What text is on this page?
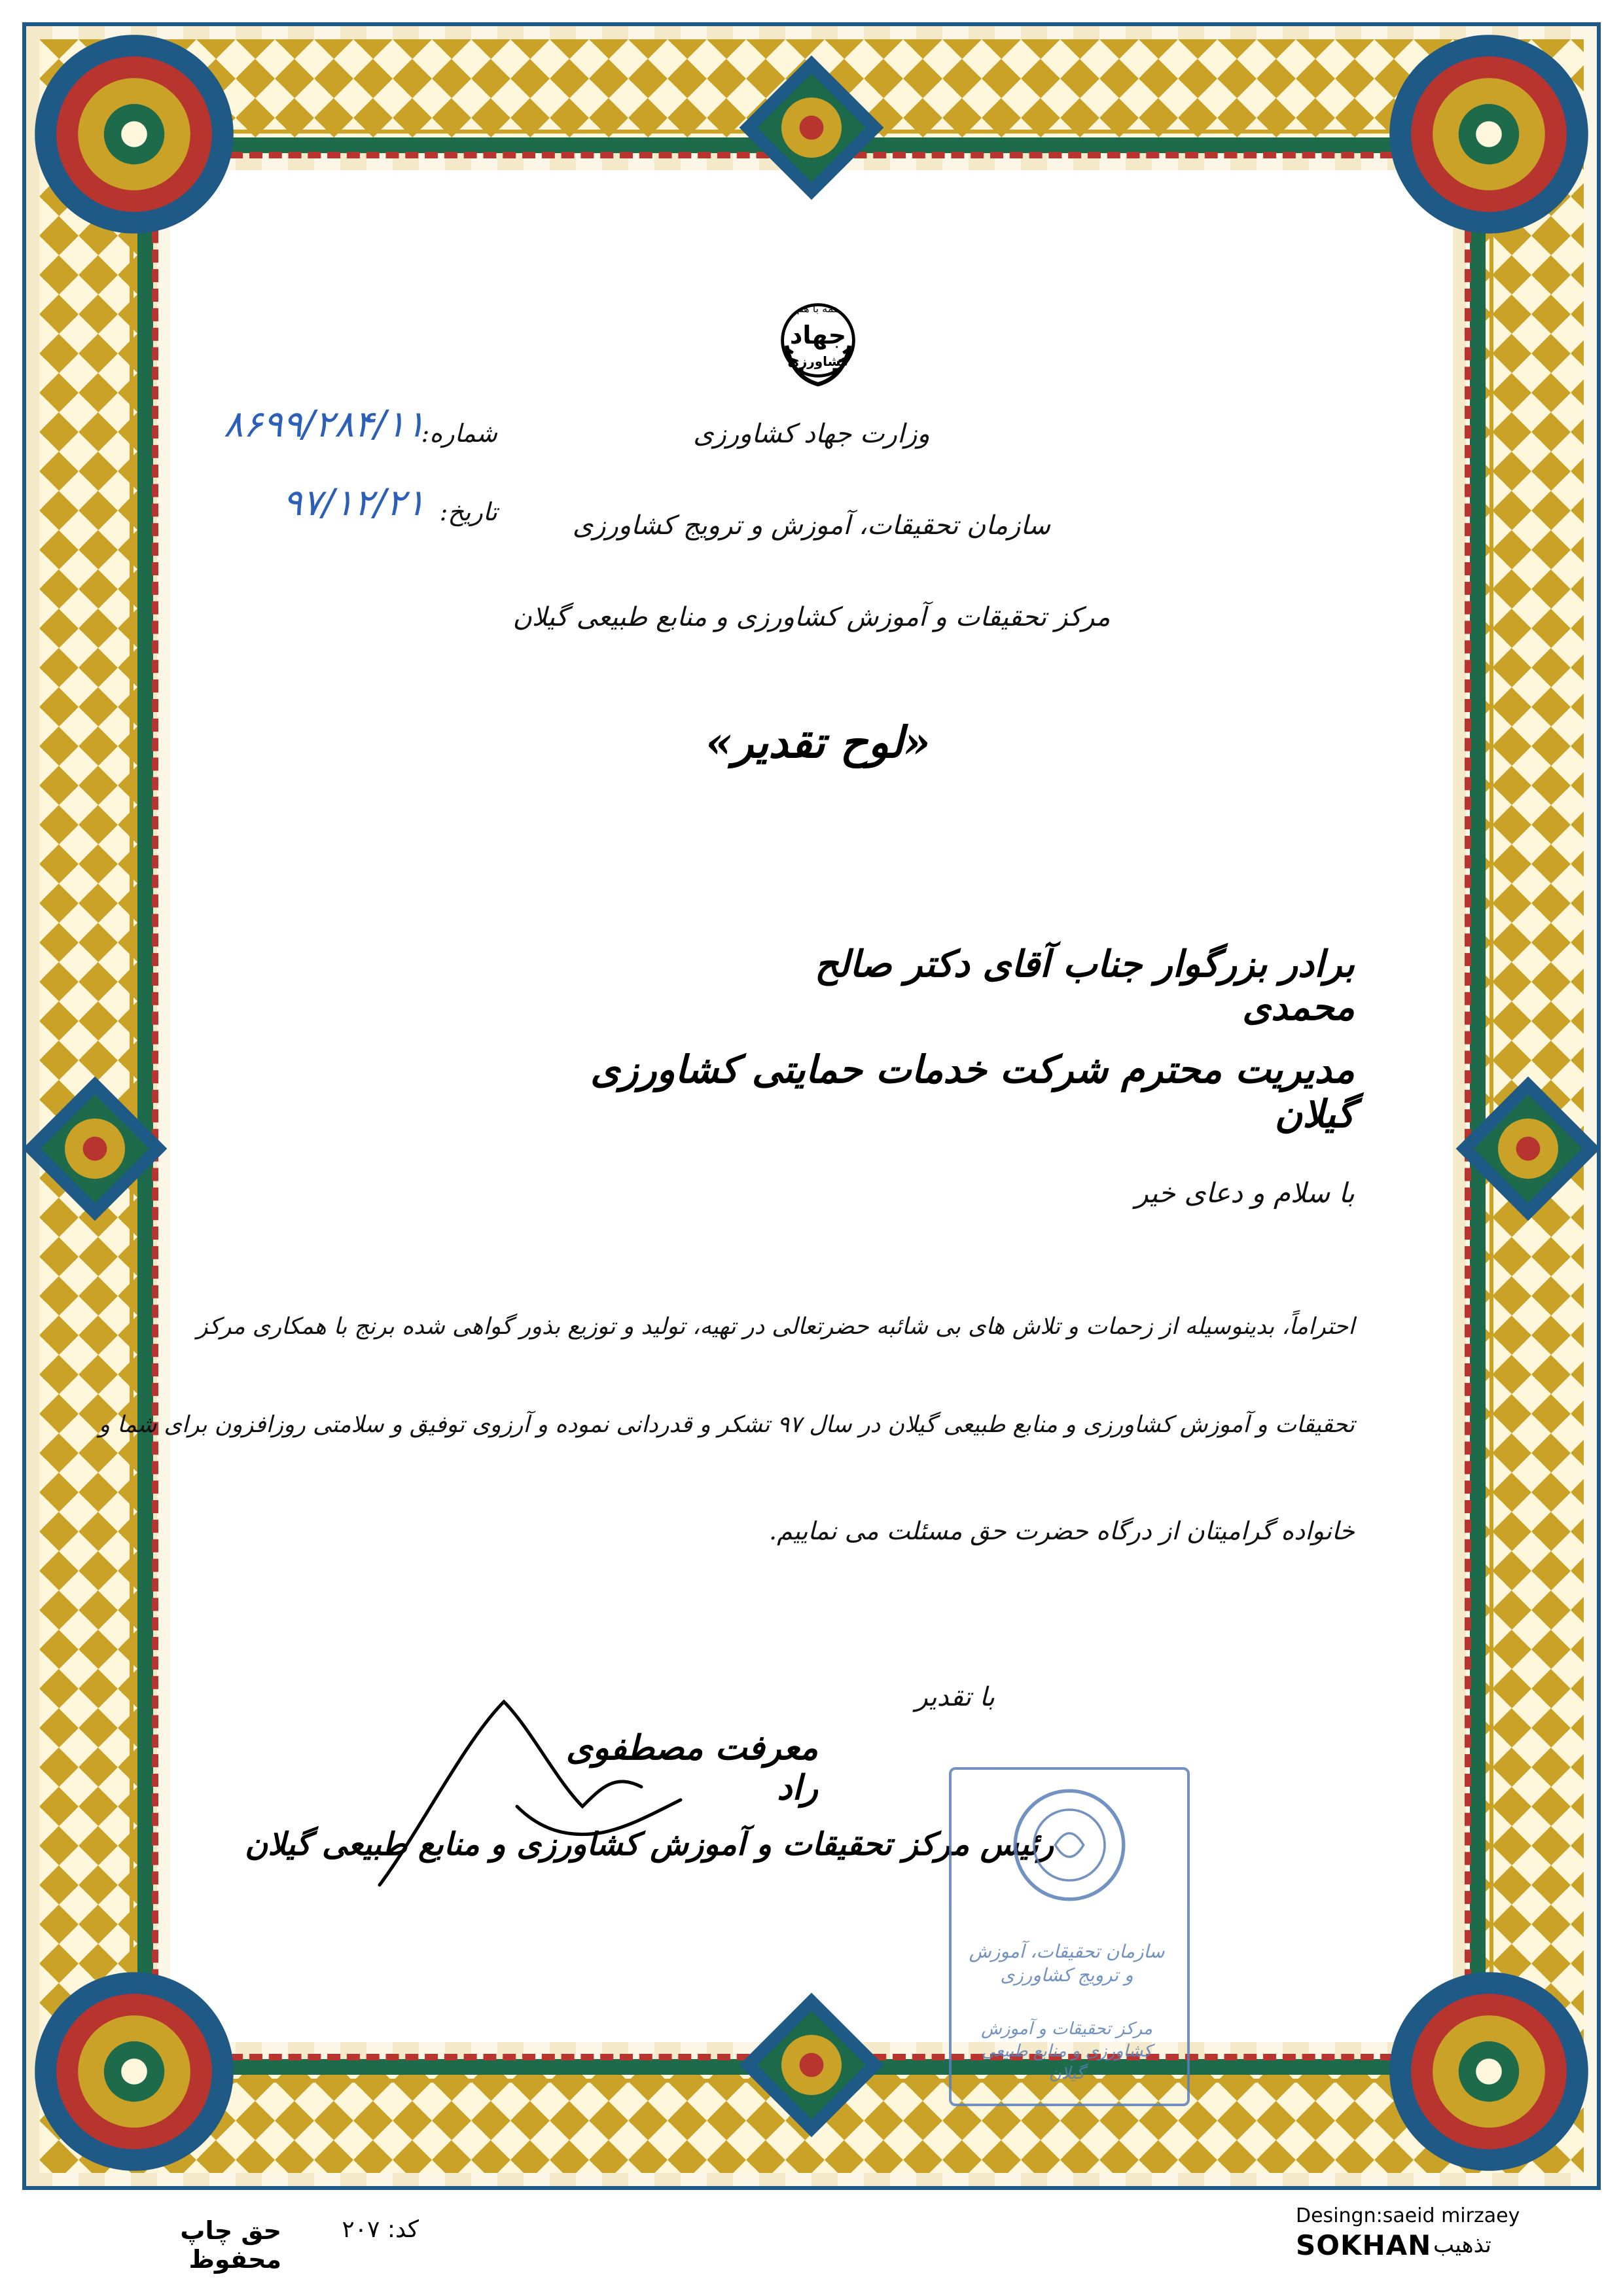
همه با هم
جهاد
کشاورزی
وزارت جهاد کشاورزی
سازمان تحقیقات، آموزش و ترویج کشاورزی
مرکز تحقیقات و آموزش کشاورزی و منابع طبیعی گیلان
شماره:
۸۶۹۹/۲۸۴/۱۱
تاریخ:
۹۷/۱۲/۲۱
«لوح تقدیر»
برادر بزرگوار جناب آقای دکتر صالح محمدی
مدیریت محترم شرکت خدمات حمایتی کشاورزی گیلان
با سلام و دعای خیر
احتراماً، بدینوسیله از زحمات و تلاش های بی شائبه حضرتعالی در تهیه، تولید و توزیع بذور گواهی شده برنج با همکاری مرکز
تحقیقات و آموزش کشاورزی و منابع طبیعی گیلان در سال ۹۷ تشکر و قدردانی نموده و آرزوی توفیق و سلامتی روزافزون برای شما و
خانواده گرامیتان از درگاه حضرت حق مسئلت می نماییم.
با تقدیر
معرفت مصطفوی راد
رئیس مرکز تحقیقات و آموزش کشاورزی و منابع طبیعی گیلان
سازمان تحقیقات، آموزش و ترویج کشاورزی
مرکز تحقیقات و آموزش کشاورزی و منابع طبیعی گیلان
کد: ۲۰۷
حق چاپ محفوظ
Desingn:saeid mirzaey
SOKHAN تذهیب
